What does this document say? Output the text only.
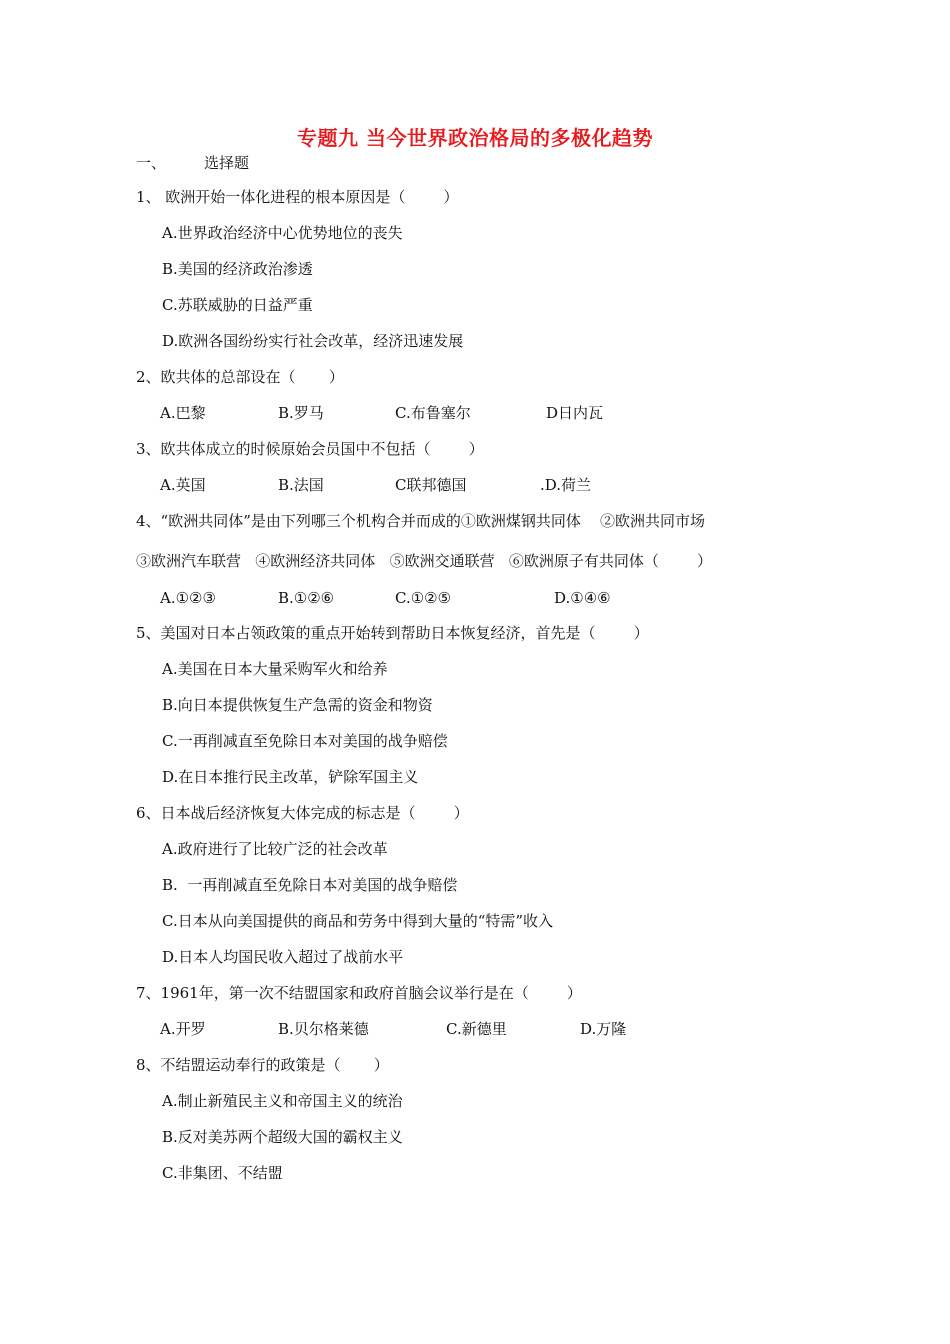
专题九 当今世界政治格局的多极化趋势
一、	选择题
1、 欧洲开始一体化进程的根本原因是（        ）
A.世界政治经济中心优势地位的丧失
B.美国的经济政治渗透
C.苏联威胁的日益严重
D.欧洲各国纷纷实行社会改革，经济迅速发展
2、欧共体的总部设在（       ）
A.巴黎	B.罗马	C.布鲁塞尔	D日内瓦
3、欧共体成立的时候原始会员国中不包括（        ）
A.英国	B.法国	C联邦德国	.D.荷兰
4、“欧洲共同体”是由下列哪三个机构合并而成的①欧洲煤钢共同体    ②欧洲共同市场
③欧洲汽车联营   ④欧洲经济共同体   ⑤欧洲交通联营   ⑥欧洲原子有共同体（        ）
A.①②③	B.①②⑥	C.①②⑤	D.①④⑥
5、美国对日本占领政策的重点开始转到帮助日本恢复经济，首先是（        ）
A.美国在日本大量采购军火和给养
B.向日本提供恢复生产急需的资金和物资
C.一再削减直至免除日本对美国的战争赔偿
D.在日本推行民主改革，铲除军国主义
6、日本战后经济恢复大体完成的标志是（        ）
A.政府进行了比较广泛的社会改革
B.  一再削减直至免除日本对美国的战争赔偿
C.日本从向美国提供的商品和劳务中得到大量的“特需”收入
D.日本人均国民收入超过了战前水平
7、1961年，第一次不结盟国家和政府首脑会议举行是在（        ）
A.开罗	B.贝尔格莱德	C.新德里	D.万隆
8、不结盟运动奉行的政策是（       ）
A.制止新殖民主义和帝国主义的统治
B.反对美苏两个超级大国的霸权主义
C.非集团、不结盟
